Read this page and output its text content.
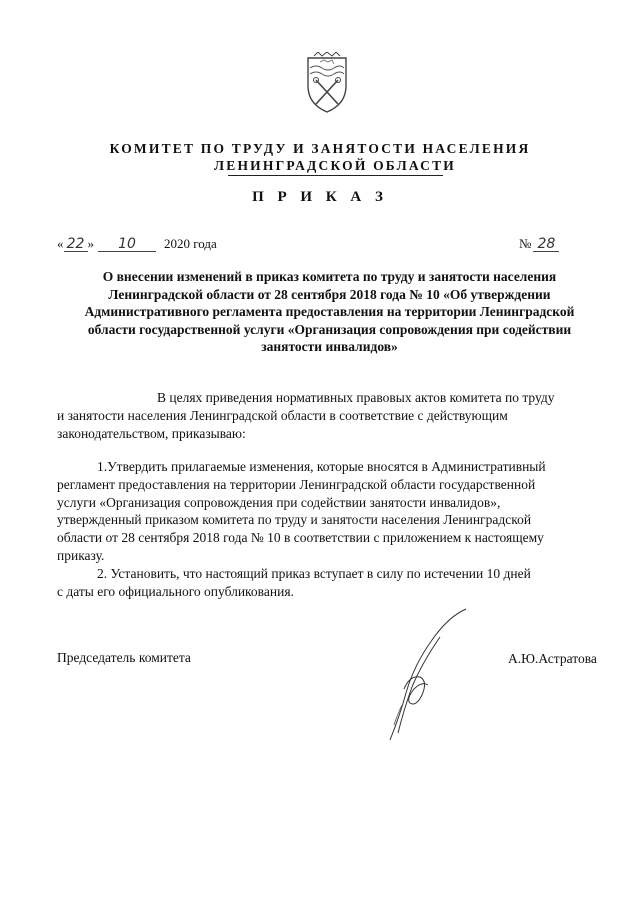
КОМИТЕТ ПО ТРУДУ И ЗАНЯТОСТИ НАСЕЛЕНИЯ
ЛЕНИНГРАДСКОЙ ОБЛАСТИ
П Р И К А З
« 22 » 10 2020 года	№ 28
О внесении изменений в приказ комитета по труду и занятости населения
Ленинградской области от 28 сентября 2018 года № 10 «Об утверждении
Административного регламента предоставления на территории Ленинградской
области государственной услуги «Организация сопровождения при содействии
занятости инвалидов»
В целях приведения нормативных правовых актов комитета по труду
и занятости населения Ленинградской области в соответствие с действующим
законодательством, приказываю:
1.Утвердить прилагаемые изменения, которые вносятся в Административный
регламент предоставления на территории Ленинградской области государственной
услуги «Организация сопровождения при содействии занятости инвалидов»,
утвержденный приказом комитета по труду и занятости населения Ленинградской
области от 28 сентября 2018 года № 10 в соответствии с приложением к настоящему
приказу.
2. Установить, что настоящий приказ вступает в силу по истечении 10 дней
с даты его официального опубликования.
Председатель комитета	А.Ю.Астратова
